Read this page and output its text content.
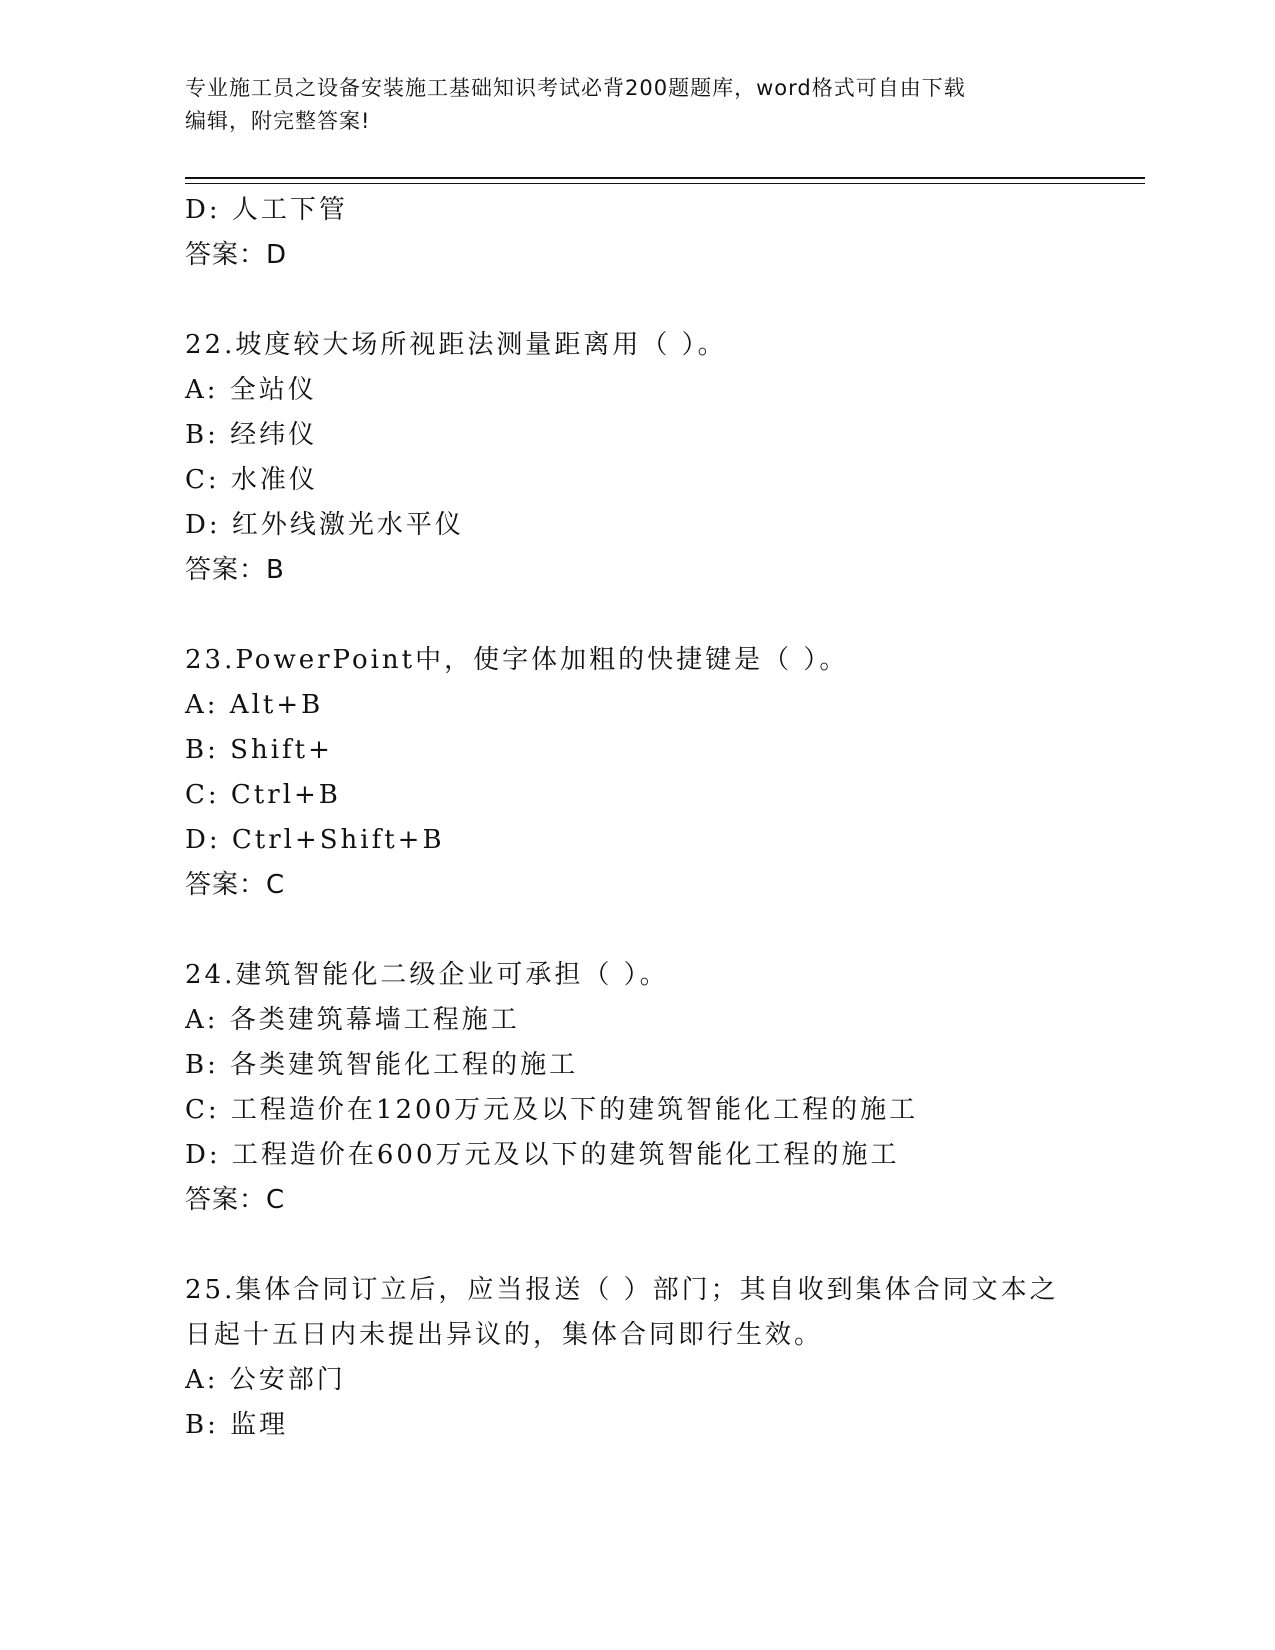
专业施工员之设备安装施工基础知识考试必背200题题库，word格式可自由下载
编辑，附完整答案!
D: 人工下管
答案：D
22.坡度较大场所视距法测量距离用（ ）。
A: 全站仪
B: 经纬仪
C: 水准仪
D: 红外线激光水平仪
答案：B
23.PowerPoint中，使字体加粗的快捷键是（ ）。
A: Alt+B
B: Shift+
C: Ctrl+B
D: Ctrl+Shift+B
答案：C
24.建筑智能化二级企业可承担（ ）。
A: 各类建筑幕墙工程施工
B: 各类建筑智能化工程的施工
C: 工程造价在1200万元及以下的建筑智能化工程的施工
D: 工程造价在600万元及以下的建筑智能化工程的施工
答案：C
25.集体合同订立后，应当报送（ ）部门；其自收到集体合同文本之
日起十五日内未提出异议的，集体合同即行生效。
A: 公安部门
B: 监理
